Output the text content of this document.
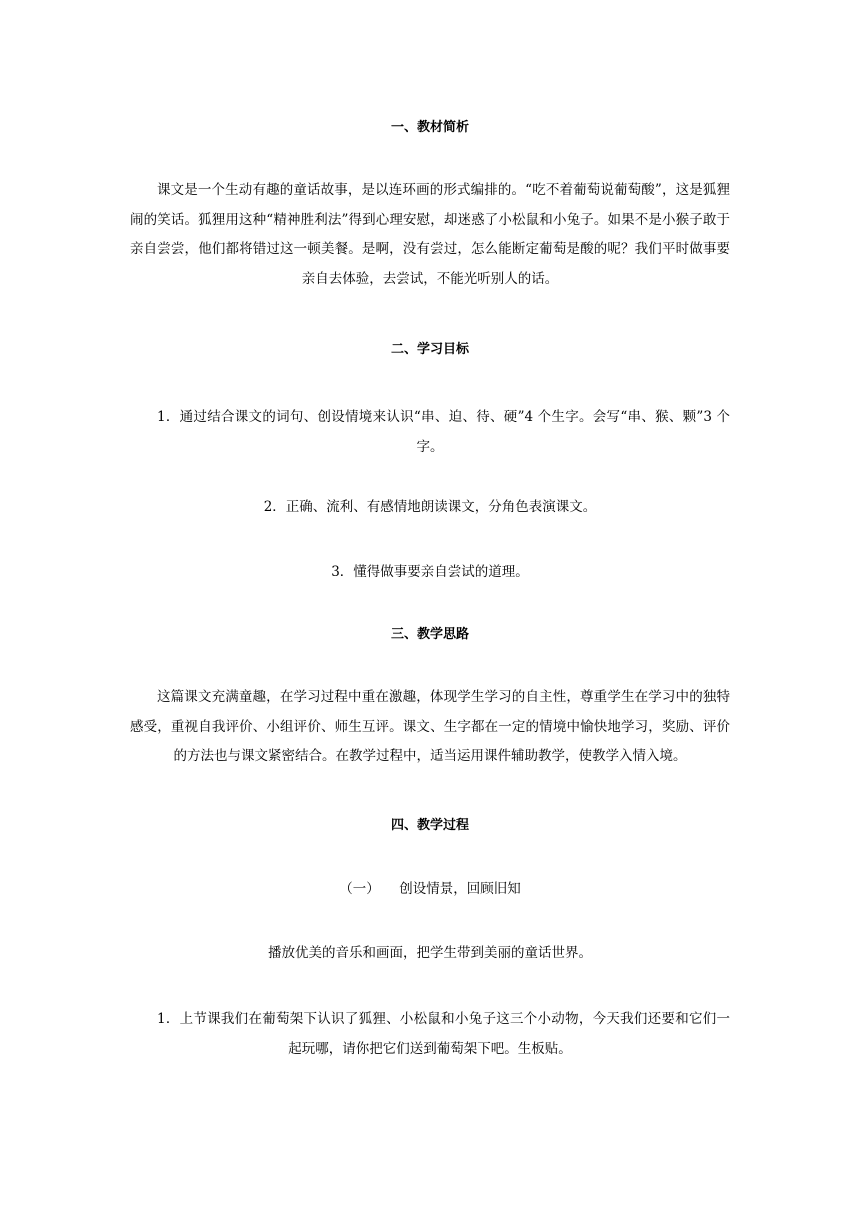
一、教材简析
课文是一个生动有趣的童话故事，是以连环画的形式编排的。“吃不着葡萄说葡萄酸”，这是狐狸闹的笑话。狐狸用这种“精神胜利法”得到心理安慰，却迷惑了小松鼠和小兔子。如果不是小猴子敢于亲自尝尝，他们都将错过这一顿美餐。是啊，没有尝过，怎么能断定葡萄是酸的呢？我们平时做事要亲自去体验，去尝试，不能光听别人的话。
二、学习目标
1．通过结合课文的词句、创设情境来认识“串、迫、待、硬”4 个生字。会写“串、猴、颗”3 个字。
2．正确、流利、有感情地朗读课文，分角色表演课文。
3．懂得做事要亲自尝试的道理。
三、教学思路
这篇课文充满童趣，在学习过程中重在激趣，体现学生学习的自主性，尊重学生在学习中的独特感受，重视自我评价、小组评价、师生互评。课文、生字都在一定的情境中愉快地学习，奖励、评价的方法也与课文紧密结合。在教学过程中，适当运用课件辅助教学，使教学入情入境。
四、教学过程
（一） 创设情景，回顾旧知
播放优美的音乐和画面，把学生带到美丽的童话世界。
1．上节课我们在葡萄架下认识了狐狸、小松鼠和小兔子这三个小动物，今天我们还要和它们一起玩哪，请你把它们送到葡萄架下吧。生板贴。
